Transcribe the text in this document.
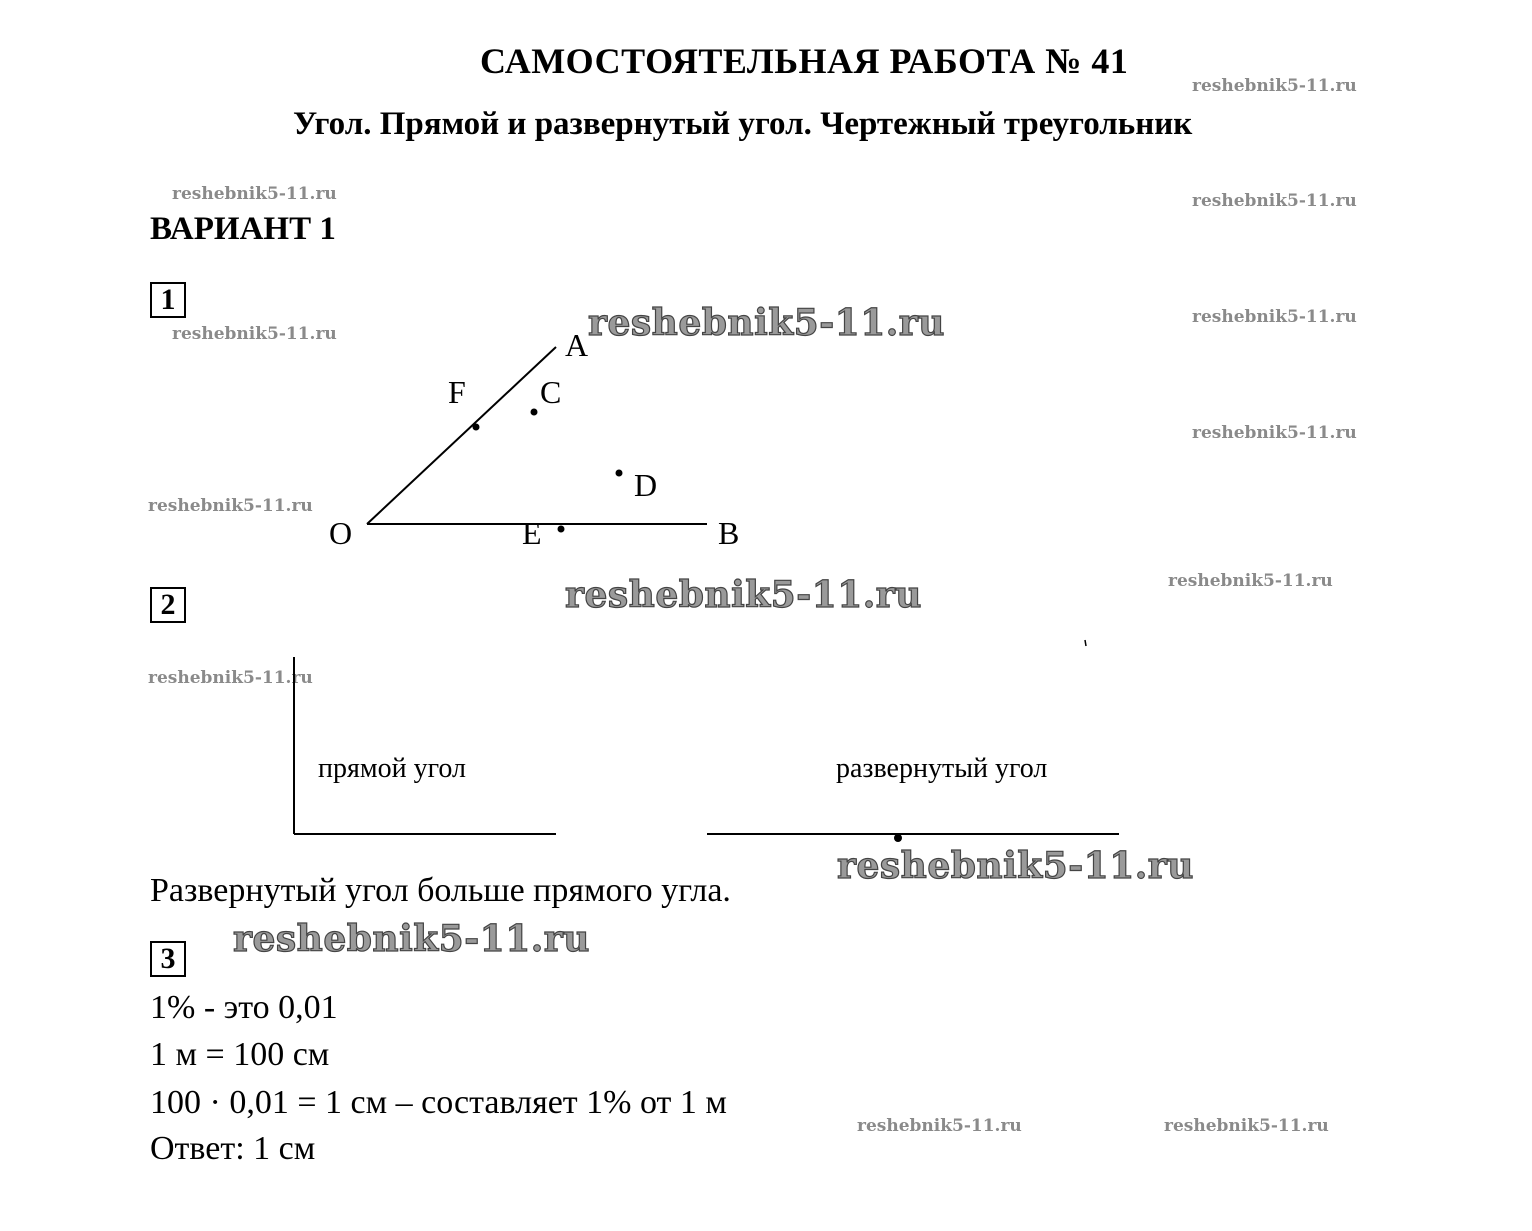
САМОСТОЯТЕЛЬНАЯ РАБОТА № 41
Угол. Прямой и развернутый угол. Чертежный треугольник
ВАРИАНТ 1
reshebnik5-11.ru
reshebnik5-11.ru	reshebnik5-11.ru
reshebnik5-11.ru
reshebnik5-11.ru
reshebnik5-11.ru
reshebnik5-11.ru
reshebnik5-11.ru
reshebnik5-11.ru
reshebnik5-11.ru	reshebnik5-11.ru
reshebnik5-11.ru
reshebnik5-11.ru
reshebnik5-11.ru
reshebnik5-11.ru
1
2
3
A
F C
D
O	E	B
прямой угол	развернутый угол
Развернутый угол больше прямого угла.
1% - это 0,01
1 м = 100 см
100 · 0,01 = 1 см – составляет 1% от 1 м
Ответ: 1 см
